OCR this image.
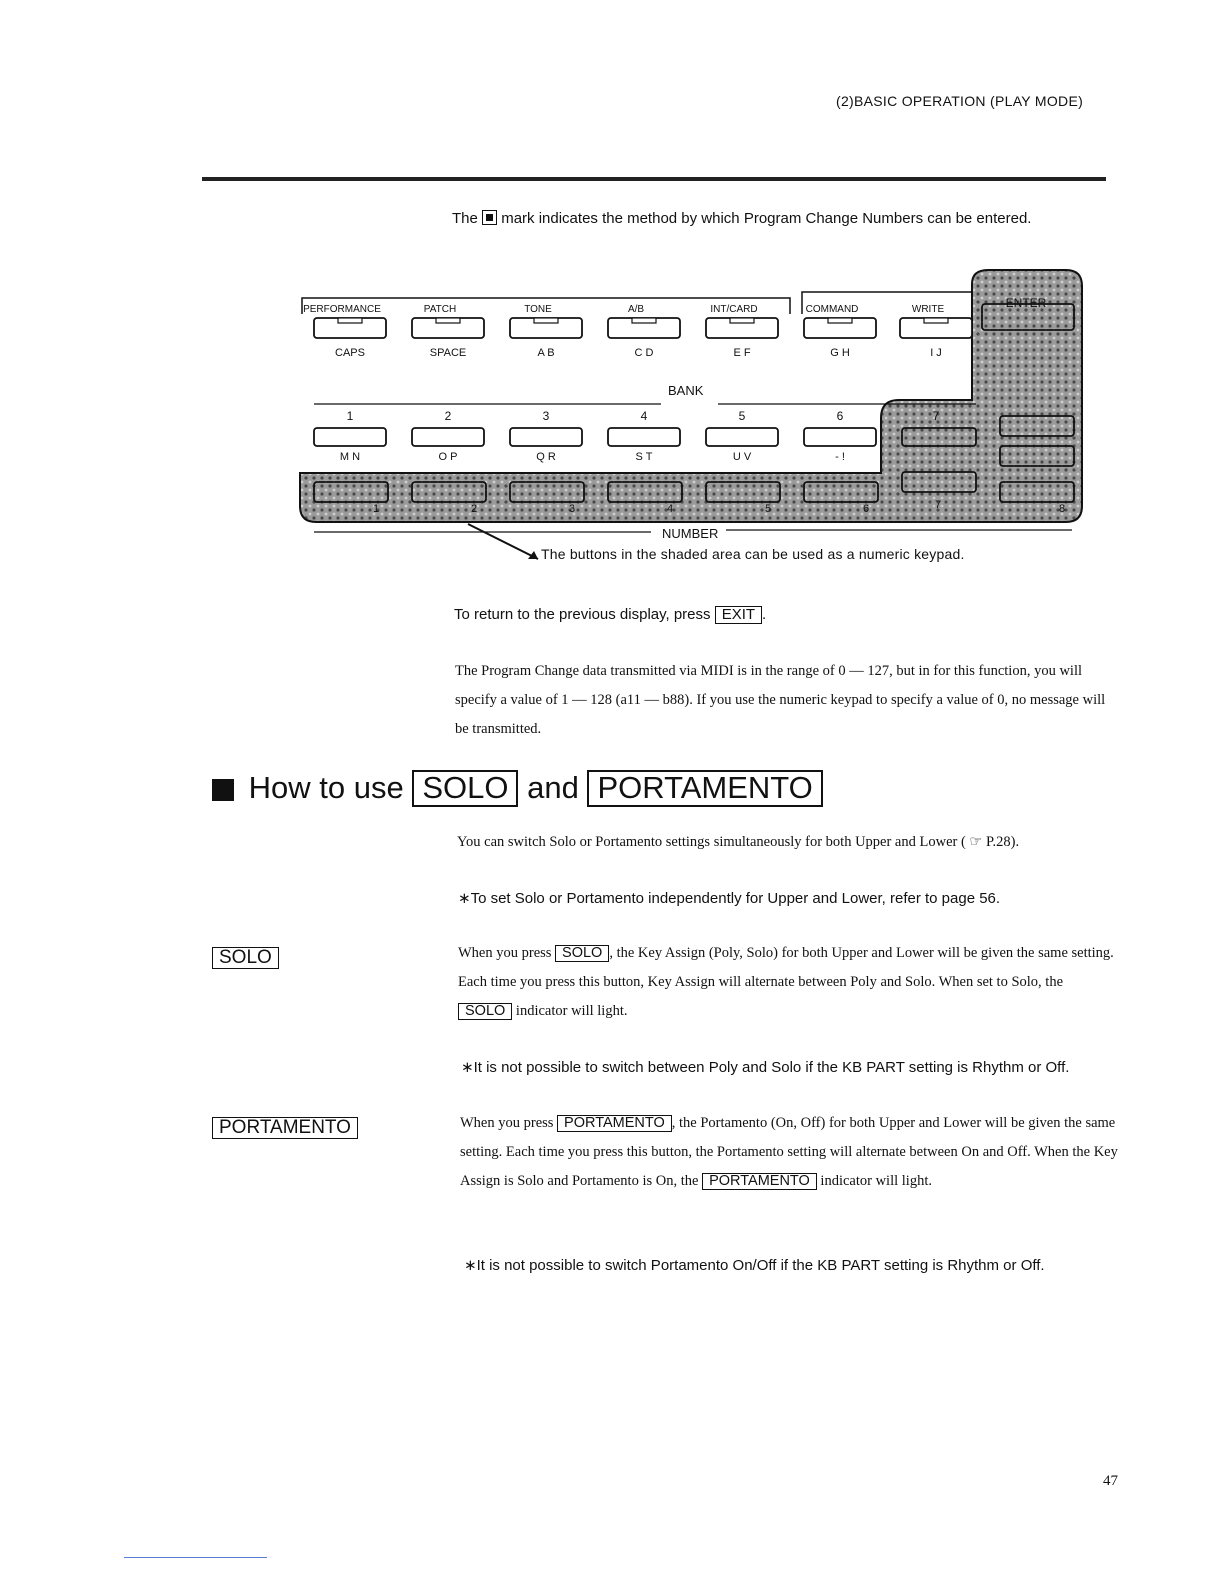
(2)BASIC OPERATION (PLAY MODE)
The mark indicates the method by which Program Change Numbers can be entered.
PERFORMANCE
CAPS
PATCH
SPACE
TONE
A B
A/B
C D
INT/CARD
E F
COMMAND
G H
WRITE
I J
ENTER
1
M N
2
O P
3
Q R
4
S T
5
U V
6
- !
7
1	2	3	4	5	6	7	8
BANK
NUMBER
The buttons in the shaded area can be used as a numeric keypad.
To return to the previous display, press EXIT .
The Program Change data transmitted via MIDI is in the range of 0 — 127, but in for this function, you will specify a value of 1 — 128 (a11 — b88). If you use the numeric keypad to specify a value of 0, no message will be transmitted.
How to use SOLO and PORTAMENTO
You can switch Solo or Portamento settings simultaneously for both Upper and Lower ( ☞ P.28).
∗To set Solo or Portamento independently for Upper and Lower, refer to page 56.
SOLO	When you press SOLO , the Key Assign (Poly, Solo) for both Upper and Lower will be given the same setting. Each time you press this button, Key Assign will alternate between Poly and Solo. When set to Solo, the SOLO indicator will light.
∗It is not possible to switch between Poly and Solo if the KB PART setting is Rhythm or Off.
PORTAMENTO	When you press PORTAMENTO , the Portamento (On, Off) for both Upper and Lower will be given the same setting. Each time you press this button, the Portamento setting will alternate between On and Off. When the Key Assign is Solo and Portamento is On, the PORTAMENTO indicator will light.
∗It is not possible to switch Portamento On/Off if the KB PART setting is Rhythm or Off.
47
